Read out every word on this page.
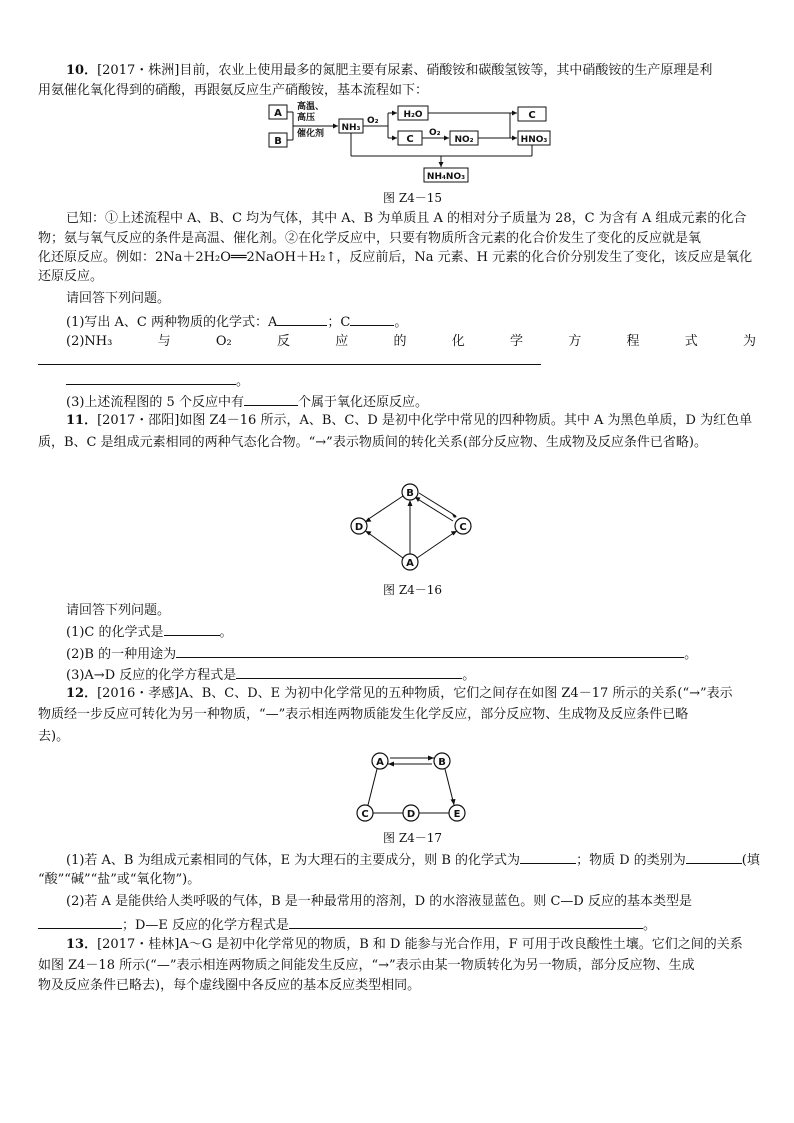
10．[2017・株洲]目前，农业上使用最多的氮肥主要有尿素、硝酸铵和碳酸氢铵等，其中硝酸铵的生产原理是利
用氨催化氧化得到的硝酸，再跟氨反应生产硝酸铵，基本流程如下：
A
B
高温、
高压
催化剂
NH₃
O₂
H₂O
C
O₂
NO₂
C
HNO₃
NH₄NO₃
图 Z4－15
已知：①上述流程中 A、B、C 均为气体，其中 A、B 为单质且 A 的相对分子质量为 28，C 为含有 A 组成元素的化合
物；氨与氧气反应的条件是高温、催化剂。②在化学反应中，只要有物质所含元素的化合价发生了变化的反应就是氧
化还原反应。例如：2Na＋2H₂O══2NaOH＋H₂↑，反应前后，Na 元素、H 元素的化合价分别发生了变化，该反应是氧化
还原反应。
请回答下列问题。
(1)写出 A、C 两种物质的化学式：A	；C	。
(2)NH₃	与	O₂	反	应	的	化	学	方	程	式	为
。
(3)上述流程图的 5 个反应中有	个属于氧化还原反应。
11．[2017・邵阳]如图 Z4－16 所示，A、B、C、D 是初中化学中常见的四种物质。其中 A 为黑色单质，D 为红色单
质，B、C 是组成元素相同的两种气态化合物。“→”表示物质间的转化关系(部分反应物、生成物及反应条件已省略)。
B
D	C
A
图 Z4－16
请回答下列问题。
(1)C 的化学式是	。
(2)B 的一种用途为	。
(3)A→D 反应的化学方程式是	。
12．[2016・孝感]A、B、C、D、E 为初中化学常见的五种物质，它们之间存在如图 Z4－17 所示的关系(“→”表示
物质经一步反应可转化为另一种物质，“—”表示相连两物质能发生化学反应，部分反应物、生成物及反应条件已略
去)。
A	B
C	D	E
图 Z4－17
(1)若 A、B 为组成元素相同的气体，E 为大理石的主要成分，则 B 的化学式为	；物质 D 的类别为	(填
“酸”“碱”“盐”或“氧化物”)。
(2)若 A 是能供给人类呼吸的气体，B 是一种最常用的溶剂，D 的水溶液显蓝色。则 C—D 反应的基本类型是
；D—E 反应的化学方程式是	。
13．[2017・桂林]A～G 是初中化学常见的物质，B 和 D 能参与光合作用，F 可用于改良酸性土壤。它们之间的关系
如图 Z4－18 所示(“—”表示相连两物质之间能发生反应，“→”表示由某一物质转化为另一物质，部分反应物、生成
物及反应条件已略去)，每个虚线圈中各反应的基本反应类型相同。
